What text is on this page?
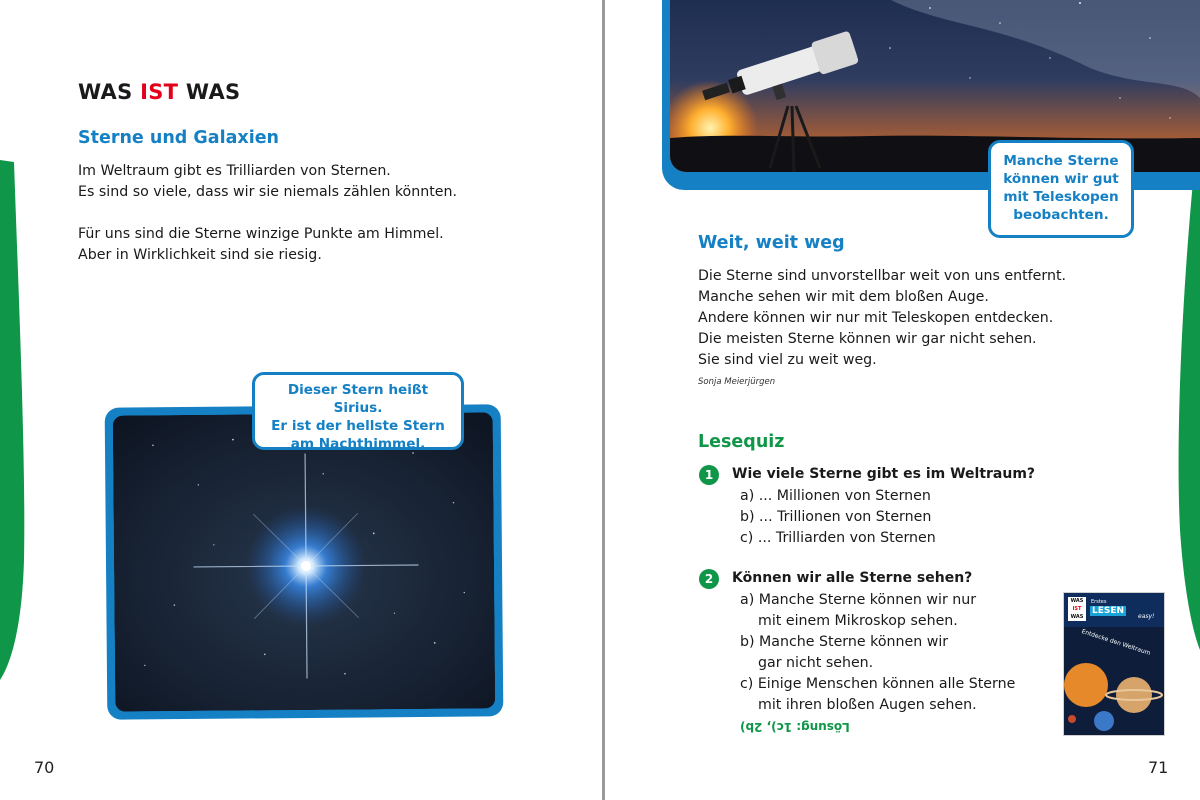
WAS IST WAS
Sterne und Galaxien

Im Weltraum gibt es Trilliarden von Sternen.

Es sind so viele, dass wir sie niemals zählen könnten.

Für uns sind die Sterne winzige Punkte am Himmel.

Aber in Wirklichkeit sind sie riesig.

Dieser Stern heißt Sirius.
Er ist der hellste Stern
am Nachthimmel.
70
Manche Sterne
können wir gut
mit Teleskopen
beobachten.
Weit, weit weg

Die Sterne sind unvorstellbar weit von uns entfernt.

Manche sehen wir mit dem bloßen Auge.

Andere können wir nur mit Teleskopen entdecken.

Die meisten Sterne können wir gar nicht sehen.

Sie sind viel zu weit weg.

Sonja Meierjürgen
Lesequiz
1	Wie viele Sterne gibt es im Weltraum?
a) ... Millionen von Sternen
b) ... Trillionen von Sternen
c) ... Trilliarden von Sternen
2	Können wir alle Sterne sehen?
a) Manche Sterne können wir nur
mit einem Mikroskop sehen.
b) Manche Sterne können wir
gar nicht sehen.
c) Einige Menschen können alle Sterne
mit ihren bloßen Augen sehen.
71
Lösung: 1c), 2b)
WAS
IST
WAS
Erstes
LESEN
easy!
Entdecke den Weltraum
